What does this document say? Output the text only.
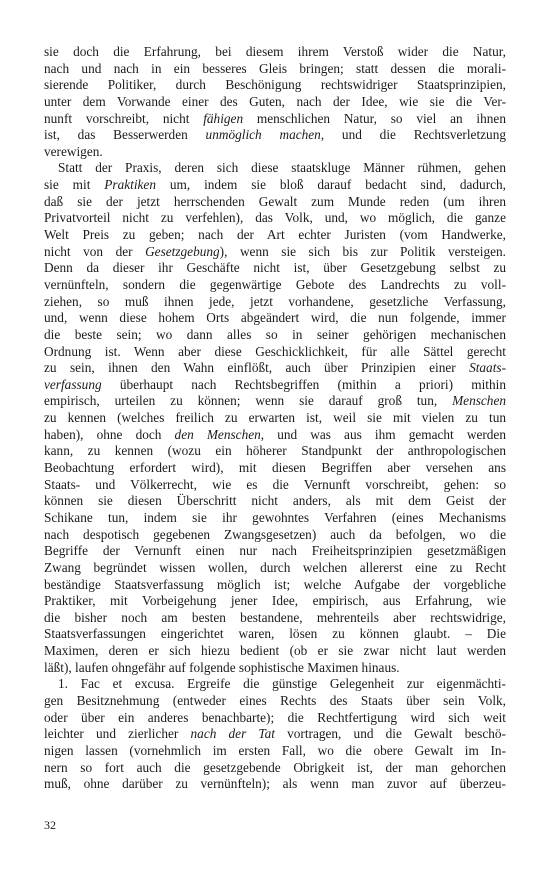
sie doch die Erfahrung, bei diesem ihrem Verstoß wider die Natur,
nach und nach in ein besseres Gleis bringen; statt dessen die morali-
sierende Politiker, durch Beschönigung rechtswidriger Staatsprinzipien,
unter dem Vorwande einer des Guten, nach der Idee, wie sie die Ver-
nunft vorschreibt, nicht fähigen menschlichen Natur, so viel an ihnen
ist, das Besserwerden unmöglich machen, und die Rechtsverletzung
verewigen.
Statt der Praxis, deren sich diese staatskluge Männer rühmen, gehen
sie mit Praktiken um, indem sie bloß darauf bedacht sind, dadurch,
daß sie der jetzt herrschenden Gewalt zum Munde reden (um ihren
Privatvorteil nicht zu verfehlen), das Volk, und, wo möglich, die ganze
Welt Preis zu geben; nach der Art echter Juristen (vom Handwerke,
nicht von der Gesetzgebung), wenn sie sich bis zur Politik versteigen.
Denn da dieser ihr Geschäfte nicht ist, über Gesetzgebung selbst zu
vernünfteln, sondern die gegenwärtige Gebote des Landrechts zu voll-
ziehen, so muß ihnen jede, jetzt vorhandene, gesetzliche Verfassung,
und, wenn diese hohem Orts abgeändert wird, die nun folgende, immer
die beste sein; wo dann alles so in seiner gehörigen mechanischen
Ordnung ist. Wenn aber diese Geschicklichkeit, für alle Sättel gerecht
zu sein, ihnen den Wahn einflößt, auch über Prinzipien einer Staats-
verfassung überhaupt nach Rechtsbegriffen (mithin a priori) mithin
empirisch, urteilen zu können; wenn sie darauf groß tun, Menschen
zu kennen (welches freilich zu erwarten ist, weil sie mit vielen zu tun
haben), ohne doch den Menschen, und was aus ihm gemacht werden
kann, zu kennen (wozu ein höherer Standpunkt der anthropologischen
Beobachtung erfordert wird), mit diesen Begriffen aber versehen ans
Staats- und Völkerrecht, wie es die Vernunft vorschreibt, gehen: so
können sie diesen Überschritt nicht anders, als mit dem Geist der
Schikane tun, indem sie ihr gewohntes Verfahren (eines Mechanisms
nach despotisch gegebenen Zwangsgesetzen) auch da befolgen, wo die
Begriffe der Vernunft einen nur nach Freiheitsprinzipien gesetzmäßigen
Zwang begründet wissen wollen, durch welchen allererst eine zu Recht
beständige Staatsverfassung möglich ist; welche Aufgabe der vorgebliche
Praktiker, mit Vorbeigehung jener Idee, empirisch, aus Erfahrung, wie
die bisher noch am besten bestandene, mehrenteils aber rechtswidrige,
Staatsverfassungen eingerichtet waren, lösen zu können glaubt. – Die
Maximen, deren er sich hiezu bedient (ob er sie zwar nicht laut werden
läßt), laufen ohngefähr auf folgende sophistische Maximen hinaus.
1. Fac et excusa. Ergreife die günstige Gelegenheit zur eigenmächti-
gen Besitznehmung (entweder eines Rechts des Staats über sein Volk,
oder über ein anderes benachbarte); die Rechtfertigung wird sich weit
leichter und zierlicher nach der Tat vortragen, und die Gewalt beschö-
nigen lassen (vornehmlich im ersten Fall, wo die obere Gewalt im In-
nern so fort auch die gesetzgebende Obrigkeit ist, der man gehorchen
muß, ohne darüber zu vernünfteln); als wenn man zuvor auf überzeu-
32
